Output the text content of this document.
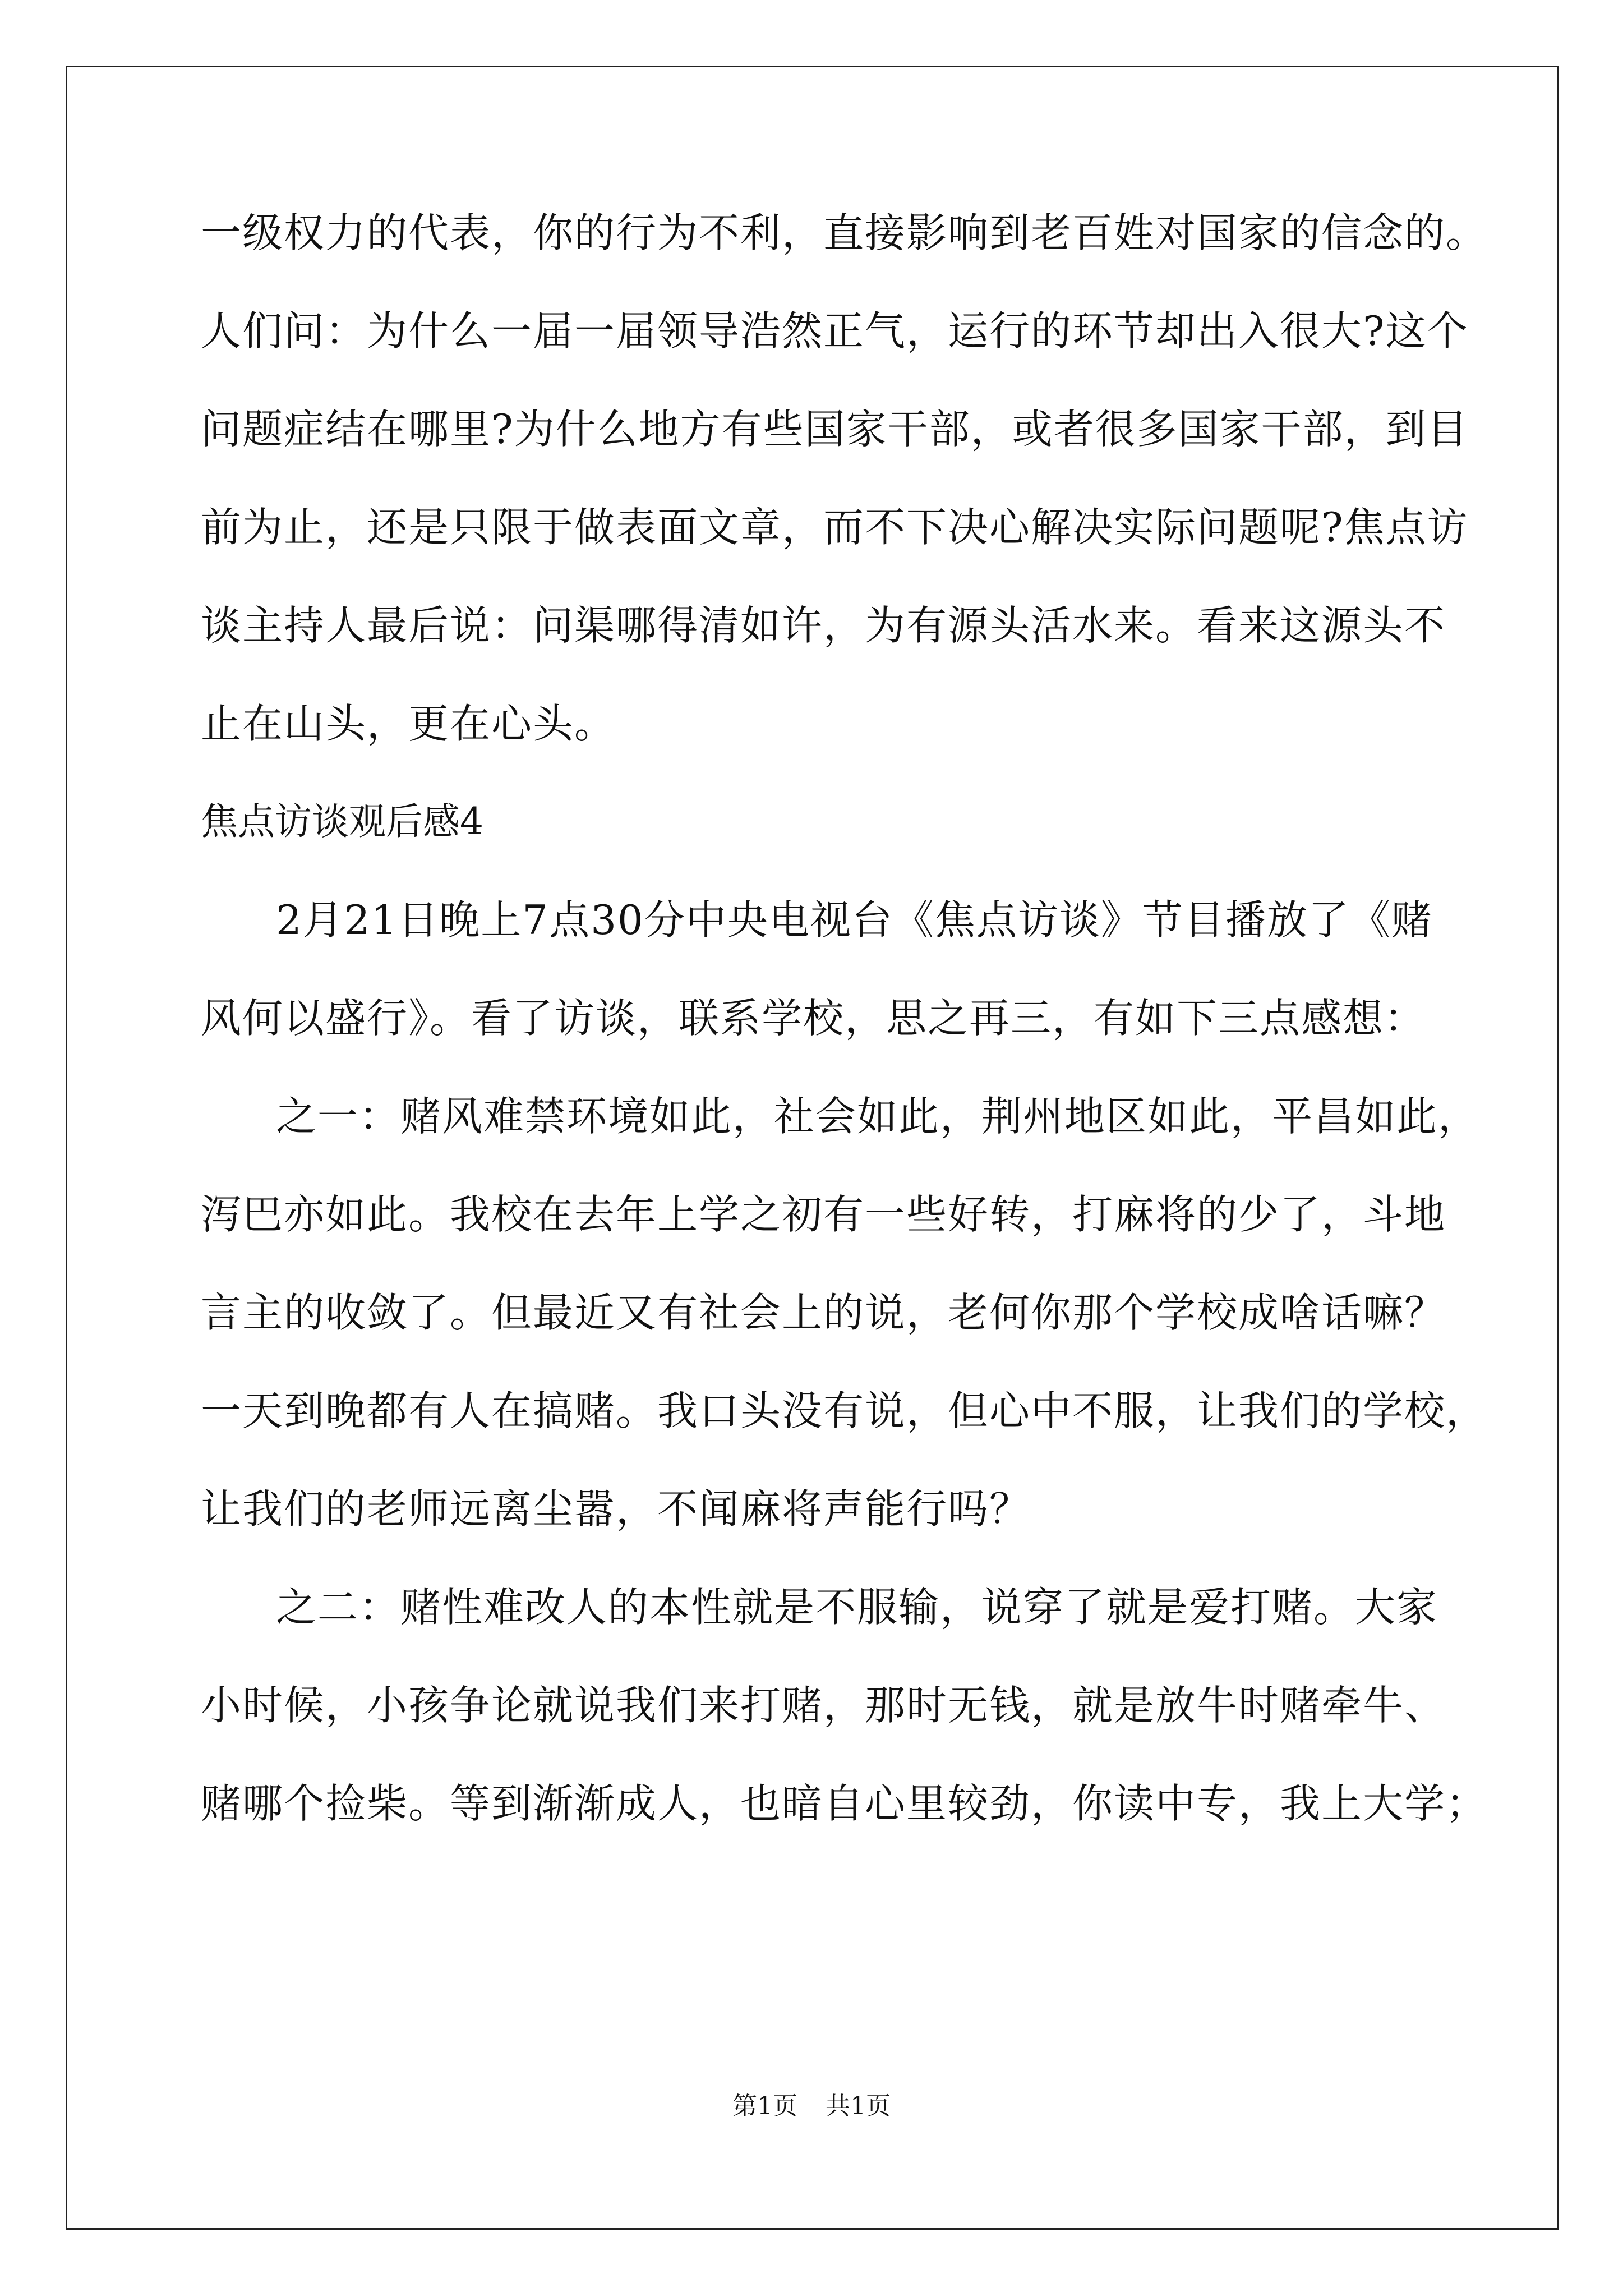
一级权力的代表，你的行为不利，直接影响到老百姓对国家的信念的。
人们问：为什么一届一届领导浩然正气，运行的环节却出入很大?这个
问题症结在哪里?为什么地方有些国家干部，或者很多国家干部，到目
前为止，还是只限于做表面文章，而不下决心解决实际问题呢?焦点访
谈主持人最后说：问渠哪得清如许，为有源头活水来。看来这源头不
止在山头，更在心头。
焦点访谈观后感4
2月21日晚上7点30分中央电视台《焦点访谈》节目播放了《赌
风何以盛行》。看了访谈，联系学校，思之再三，有如下三点感想：
之一：赌风难禁环境如此，社会如此，荆州地区如此，平昌如此，
泻巴亦如此。我校在去年上学之初有一些好转，打麻将的少了，斗地
言主的收敛了。但最近又有社会上的说，老何你那个学校成啥话嘛？
一天到晚都有人在搞赌。我口头没有说，但心中不服，让我们的学校，
让我们的老师远离尘嚣，不闻麻将声能行吗？
之二：赌性难改人的本性就是不服输，说穿了就是爱打赌。大家
小时候，小孩争论就说我们来打赌，那时无钱，就是放牛时赌牵牛、
赌哪个捡柴。等到渐渐成人，也暗自心里较劲，你读中专，我上大学；
第1页 共1页
